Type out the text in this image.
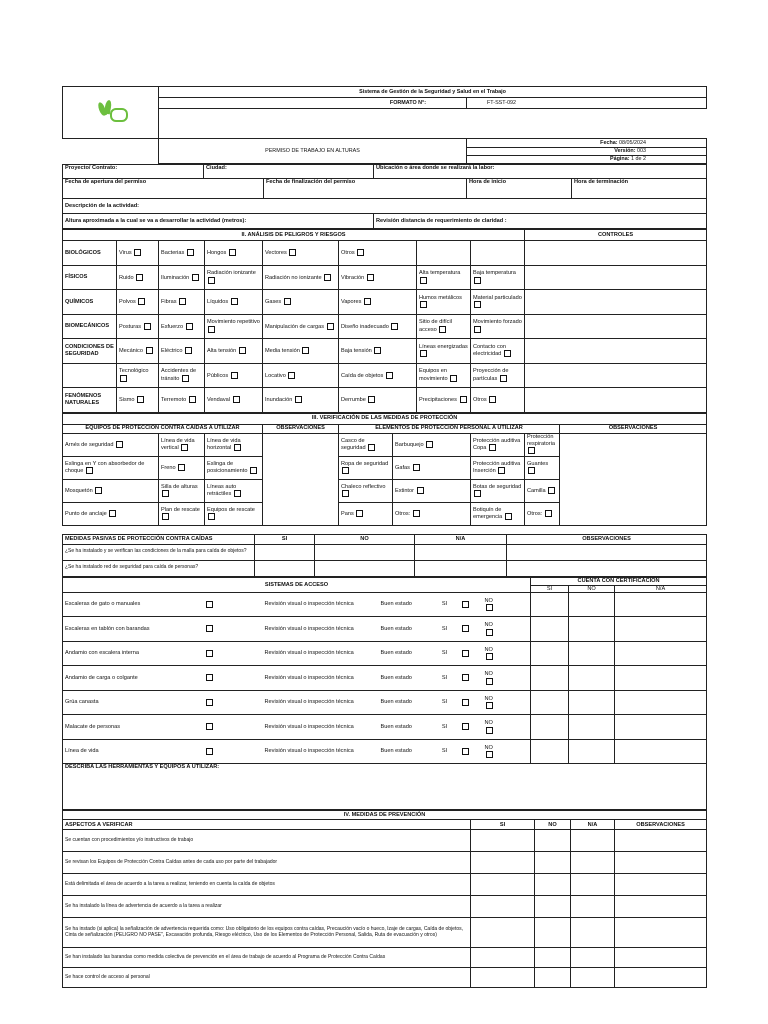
	Sistema de Gestión de la Seguridad y Salud en el Trabajo
FORMATO N°:	FT-SST-092

	PERMISO DE TRABAJO EN ALTURAS	
Fecha: 08/05/2024
Versión: 003
Página: 1 de 2
Proyecto/ Contrato:	Ciudad:		Ubicación o área donde se realizará la labor:		
Fecha de apertura del permiso		Fecha de finalización del permiso		Hora de inicio	Hora de terminación
Descripción de la actividad:					
Altura aproximada a la cual se va a desarrollar la actividad (metros):			Revisión distancia de requerimiento de claridad :		
II. ANÁLISIS DE PELIGROS Y RIESGOS								CONTROLES
BIOLÓGICOS	Virus	Bacterias	Hongos	Vectores	Otros			
FÍSICOS	Ruido	Iluminación	Radiación ionizante	Radiación no ionizante	Vibración	Alta temperatura	Baja temperatura	
QUÍMICOS	Polvos	Fibras	Líquidos	Gases	Vapores	Humos metálicos	Material particulado	
BIOMECÁNICOS	Posturas	Esfuerzo	Movimiento repetitivo	Manipulación de cargas	Diseño inadecuado	Sitio de difícil acceso	Movimiento forzado	
CONDICIONES DE SEGURIDAD	Mecánico	Eléctrico	Alta tensión	Media tensión	Baja tensión	Líneas energizadas	Contacto con electricidad	
	Tecnológico	Accidentes de tránsito	Públicos	Locativo	Caída de objetos	Equipos en movimiento	Proyección de partículas	
FENÓMENOS NATURALES	Sismo	Terremoto	Vendaval	Inundación	Derrumbe	Precipitaciones	Otros	
III. VERIFICACIÓN DE LAS MEDIDAS DE PROTECCIÓN								
EQUIPOS DE PROTECCIÓN CONTRA CAÍDAS A UTILIZAR			OBSERVACIONES	ELEMENTOS DE PROTECCIÓN PERSONAL A UTILIZAR				OBSERVACIONES
Arnés de seguridad	Línea de vida vertical	Línea de vida horizontal		Casco de seguridad	Barbuquejo	Protección auditiva Copa	Protección respiratoria	
Eslinga en Y con absorbedor de choque	Freno	Eslinga de posicionamiento		Ropa de seguridad	Gafas	Protección auditiva Inserción	Guantes	
Mosquetón	Silla de alturas	Líneas auto retráctiles		Chaleco reflectivo	Extintor	Botas de seguridad	Camilla	
Punto de anclaje	Plan de rescate	Equipos de rescate		Pans	Otros:	Botiquín de emergencia	Otros:	
MEDIDAS PASIVAS DE PROTECCIÓN CONTRA CAÍDAS	SI	NO	N/A	OBSERVACIONES
¿Se ha instalado y se verifican las condiciones de la malla para caída de objetos?				
¿Se ha instalado red de seguridad para caída de personas?				
SISTEMAS DE ACCESO							CUENTA CON CERTIFICACIÓN		
							SI	NO	N/A
Escaleras de gato o manuales		Revisión visual o inspección técnica	Buen estado	SI		NO

Escaleras en tablón con barandas		Revisión visual o inspección técnica	Buen estado	SI		NO

Andamio con escalera interna		Revisión visual o inspección técnica	Buen estado	SI		NO

Andamio de carga o colgante		Revisión visual o inspección técnica	Buen estado	SI		NO

Grúa canasta		Revisión visual o inspección técnica	Buen estado	SI		NO

Malacate de personas		Revisión visual o inspección técnica	Buen estado	SI		NO

Línea de vida		Revisión visual o inspección técnica	Buen estado	SI		NO

DESCRIBA LAS HERRAMIENTAS Y EQUIPOS A UTILIZAR:									
IV. MEDIDAS DE PREVENCIÓN				
ASPECTOS A VERIFICAR	SI	NO	N/A	OBSERVACIONES
Se cuentan con procedimientos y/o instructivos de trabajo				
Se revisan los Equipos de Protección Contra Caídas antes de cada uso por parte del trabajador				
Está delimitada el área de acuerdo a la tarea a realizar, teniendo en cuenta la caída de objetos				
Se ha instalado la línea de advertencia de acuerdo a la tarea a realizar				
Se ha instado (si aplica) la señalización de advertencia requerida como: Uso obligatorio de los equipos contra caídas, Precaución vacío o hueco, Izaje de cargas, Caída de objetos, Cinta de señalización (PELIGRO NO PASE", Excavación profunda, Riesgo eléctrico, Uso de los Elementos de Protección Personal, Salida, Ruta de evacuación y otros)				
Se han instalado las barandas como medida colectiva de prevención en el área de trabajo de acuerdo al Programa de Protección Contra Caídas				
Se hace control de acceso al personal				
